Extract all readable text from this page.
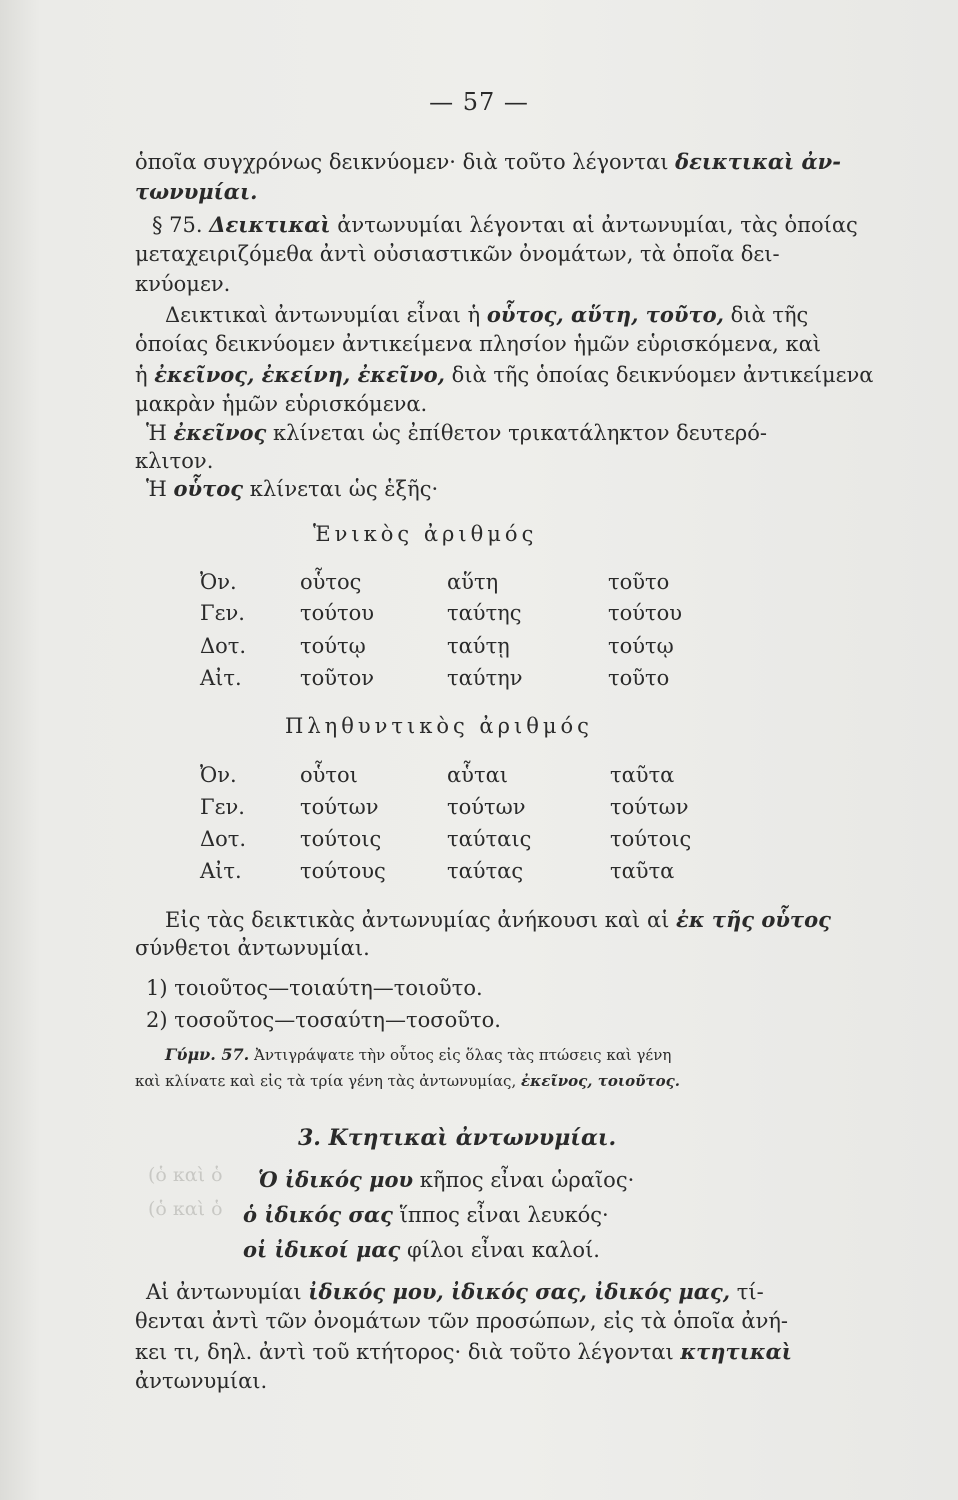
— 57 —
ὁποῖα συγχρόνως δεικνύομεν· διὰ τοῦτο λέγονται δεικτικαὶ ἀν-
τωνυμίαι.
§ 75. Δεικτικαὶ ἀντωνυμίαι λέγονται αἱ ἀντωνυμίαι, τὰς ὁποίας
μεταχειριζόμεθα ἀντὶ οὐσιαστικῶν ὀνομάτων, τὰ ὁποῖα δει-
κνύομεν.
Δεικτικαὶ ἀντωνυμίαι εἶναι ἡ οὗτος, αὕτη, τοῦτο, διὰ τῆς
ὁποίας δεικνύομεν ἀντικείμενα πλησίον ἡμῶν εὑρισκόμενα, καὶ
ἡ ἐκεῖνος, ἐκείνη, ἐκεῖνο, διὰ τῆς ὁποίας δεικνύομεν ἀντικείμενα
μακρὰν ἡμῶν εὑρισκόμενα.
Ἡ ἐκεῖνος κλίνεται ὡς ἐπίθετον τρικατάληκτον δευτερό-
κλιτον.
Ἡ οὗτος κλίνεται ὡς ἑξῆς·
Ἑνικὸς ἀριθμός
Ὀν.	οὗτος	αὕτη	τοῦτο
Γεν.	τούτου	ταύτης	τούτου
Δοτ.	τούτῳ	ταύτῃ	τούτῳ
Αἰτ.	τοῦτον	ταύτην	τοῦτο
Πληθυντικὸς ἀριθμός
Ὀν.	οὗτοι	αὗται	ταῦτα
Γεν.	τούτων	τούτων	τούτων
Δοτ.	τούτοις	ταύταις	τούτοις
Αἰτ.	τούτους	ταύτας	ταῦτα
Εἰς τὰς δεικτικὰς ἀντωνυμίας ἀνήκουσι καὶ αἱ ἐκ τῆς οὗτος
σύνθετοι ἀντωνυμίαι.
1) τοιοῦτος—τοιαύτη—τοιοῦτο.
2) τοσοῦτος—τοσαύτη—τοσοῦτο.
Γύμν. 57. Ἀντιγράψατε τὴν οὗτος εἰς ὅλας τὰς πτώσεις καὶ γένη
καὶ κλίνατε καὶ εἰς τὰ τρία γένη τὰς ἀντωνυμίας, ἐκεῖνος, τοιοῦτος.
3. Κτητικαὶ ἀντωνυμίαι.
(ὁ καὶ ὁ
(ὁ καὶ ὁ
Ὁ ἰδικός μου κῆπος εἶναι ὡραῖος·
ὁ ἰδικός σας ἵππος εἶναι λευκός·
οἱ ἰδικοί μας φίλοι εἶναι καλοί.
Αἱ ἀντωνυμίαι ἰδικός μου, ἰδικός σας, ἰδικός μας, τί-
θενται ἀντὶ τῶν ὀνομάτων τῶν προσώπων, εἰς τὰ ὁποῖα ἀνή-
κει τι, δηλ. ἀντὶ τοῦ κτήτορος· διὰ τοῦτο λέγονται κτητικαὶ
ἀντωνυμίαι.
